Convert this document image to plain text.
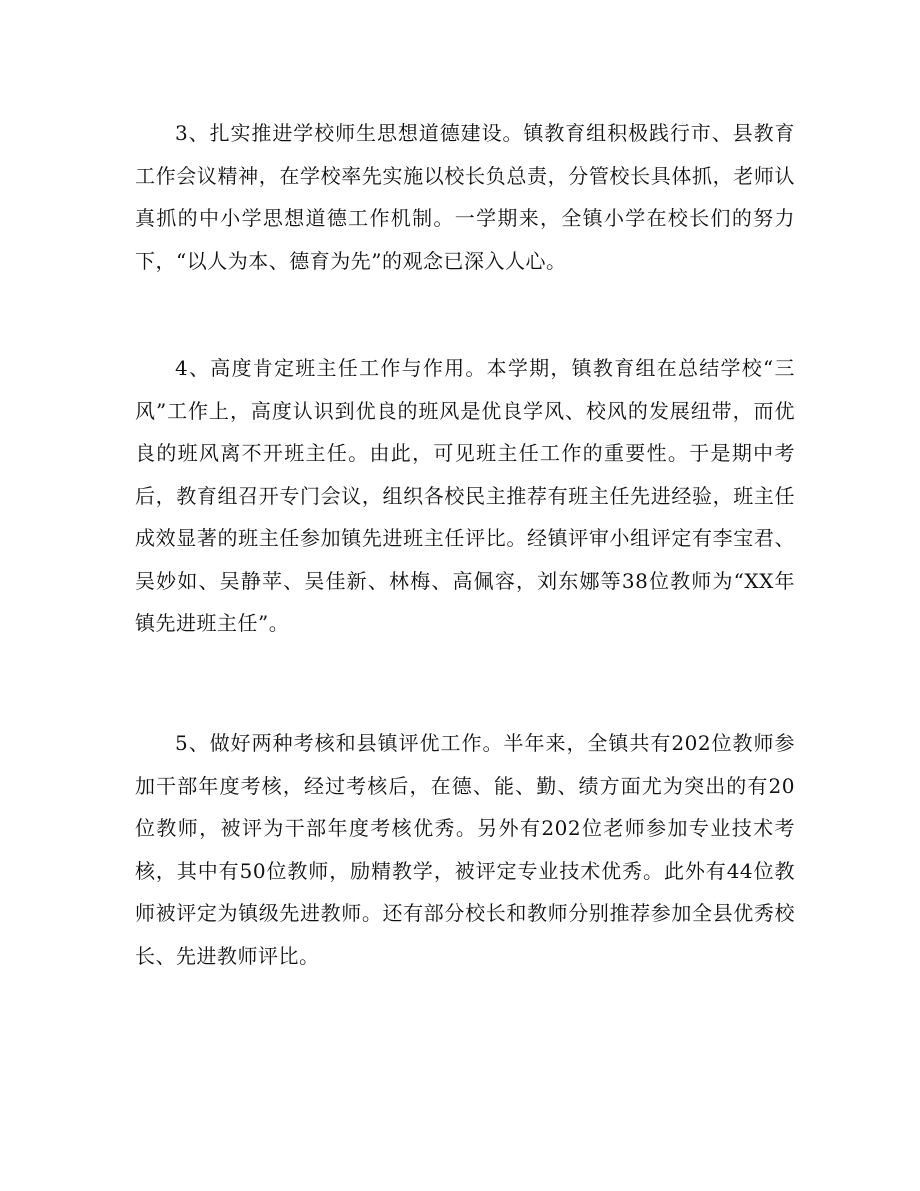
3、扎实推进学校师生思想道德建设。镇教育组积极践行市、县教育工作会议精神，在学校率先实施以校长负总责，分管校长具体抓，老师认真抓的中小学思想道德工作机制。一学期来，全镇小学在校长们的努力下，“以人为本、德育为先”的观念已深入人心。

4、高度肯定班主任工作与作用。本学期，镇教育组在总结学校“三风”工作上，高度认识到优良的班风是优良学风、校风的发展纽带，而优良的班风离不开班主任。由此，可见班主任工作的重要性。于是期中考后，教育组召开专门会议，组织各校民主推荐有班主任先进经验，班主任成效显著的班主任参加镇先进班主任评比。经镇评审小组评定有李宝君、吴妙如、吴静苹、吴佳新、林梅、高佩容，刘东娜等38位教师为“XX年镇先进班主任”。

5、做好两种考核和县镇评优工作。半年来，全镇共有202位教师参加干部年度考核，经过考核后，在德、能、勤、绩方面尤为突出的有20位教师，被评为干部年度考核优秀。另外有202位老师参加专业技术考核，其中有50位教师，励精教学，被评定专业技术优秀。此外有44位教师被评定为镇级先进教师。还有部分校长和教师分别推荐参加全县优秀校长、先进教师评比。
